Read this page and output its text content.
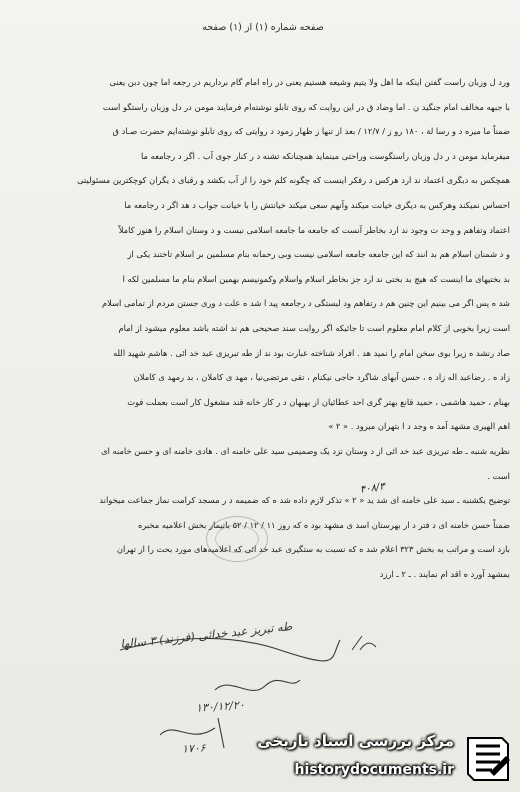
صفحه شماره (۱) از (۱) صفحه
ورد ل وزبان راست گفتن اینکه ما اهل ولا یتیم وشیعه هستیم یعنی در راه امام گام برداریم در رجعه اما چون دبن یعنی
با جبهه مخالف امام جنگید ن . اما وضاد ق در این روایت که روی تابلو نوشته‌ام فرمایند مومن در دل وزبان راستگو است
ضمناً ما میره د و رسا لة ، ۱۸۰ رو ز / ۱۲/۷ / بعد از تنها ز ظهار زمود د روایتی که روی تابلو نوشته‌ایم حضرت صـاد ق
میفرماید مومن د ر دل وزبان راستگوست وراحتی مینماید همچنانکه تشنه د ر کنار جوی آب . اگر د رجامعه ما
همچکس به دیگری اعتماد ند ارد هرکس د رفکر اینست که چگونه کلم خود را از آب بکشد و رقبای د یگران کوچکترین مسئولیتی
احساس نمیکند وهرکس به دیگری خیانت میکند وآنهم سعی میکند خیانتش را با خیانت جواب د هد اگر د رجامعه ما
اعتماد وتفاهم و وحد ت وجود ند ارد بخاطر آنست که جامعه ما جامعه اسلامی نیست و د وستان اسلام را هنوز کاملاً
و د شمنان اسلام هم بد انند که این جامعه جامعه اسلامی نیست وبی رحمانه بنام مسلمین بر اسلام تاختند یکی از
بد بختیهای ما اینست که هیچ بد بختی ند ارد جز بخاطر اسلام واسلام وکمونیسم بهمین اسلام بنام ما مسلمین لکه ا
شد ه پس اگر می بینیم این چنین هم د رتفاهم ود لبستگی د رجامعه پید ا شد ه علت د وری جستن مردم از تمامی اسلام
است زیرا بخوبی از کلام امام معلوم است تا جائیکه اگر روایت سند صحیحی هم ند اشته باشد معلوم میشود از امام
صاد رنشد ه زیرا بوی سخن امام را نمید هد . افراد شناخته عبارت بود ند از طه تبریزی عبد خد ائی . هاشم شهید الله
زاد ه . رضاعبد اله زاد ه ، حسن آبهای شاگرد حاجی نیکنام ، تقی مرتضی‌نیا ، مهد ی کاملان ، بد رمهد ی کاملان
بهنام ، حمید هاشمی ، حمید قانع بهتر گری احد عطائیان از بهبهان د ر کار خانه قند مشغول کار است بعملت فوت
اهم الهیری مشهد آمد ه وجد د ا بتهران میرود . « ۲ »
نظریه شنبه ـ طه تبریزی عبد خد ائی از د وستان نزد یک وصمیمی سید علی خامنه ای . هادی خامنه ای و حسن خامنه ای
است .
توضیح یکشنبه ـ سید علی خامنه ای شد ید « ۲ » تذکر لازم داده شد ه که ضمیمه د ر مسجد کرامت نماز جماعت میخواند
ضمناً حسن خامنه ای د فتر د ار بهرستان اسد ی مشهد بود ه که روز ۱۱ / ۱۲ / ۵۲ باتیمار بخش اعلامیه مخبره
بازد است و مراتب به بخش ۳۲۳ اعلام شد ه که نسبت به ستگیری عبد خد ائی که اعلامیه‌های مورد بحث را از تهران
بمشهد آورد ه اقد ام نمایند . ـ ۲ ـ ارزد
۴۰۸/۳
طه تبریز عبد خدائی (فرزند) ۳ سالها
۱۳۰/۱۲/۲۰
۱۷۰۶	مرکز بررسی اسناد تاریخی
historydocuments.ir
